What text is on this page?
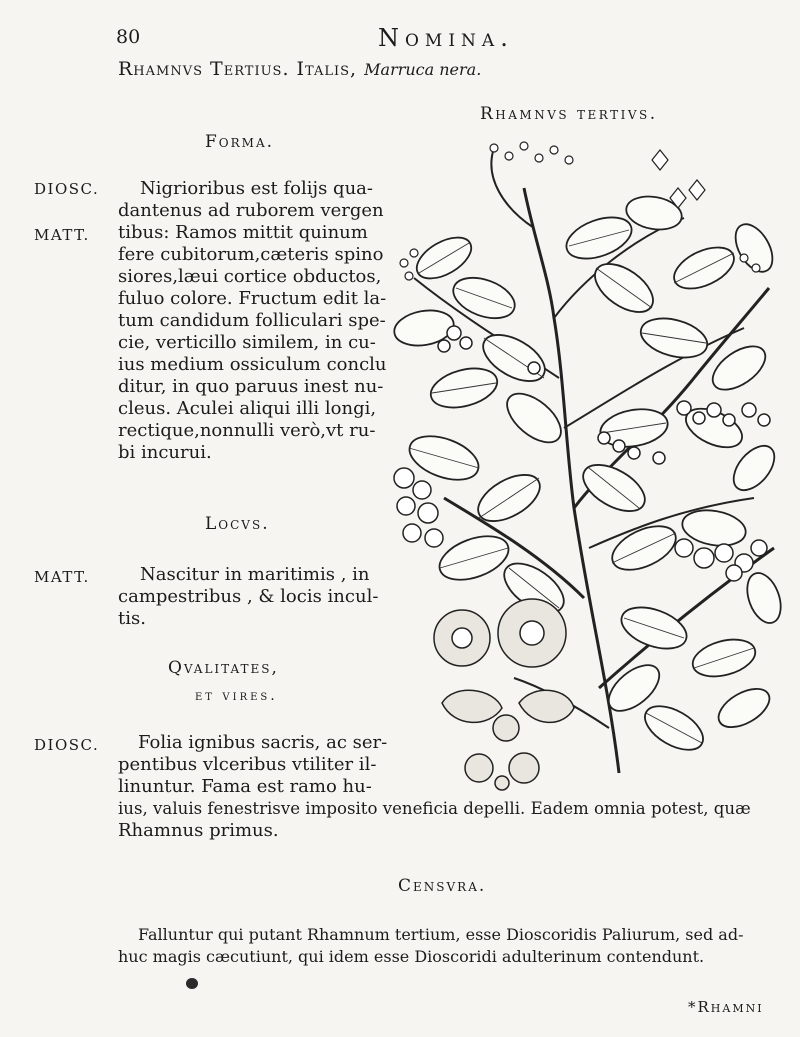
80	Nomina.
Rhamnvs Tertius. Italis, Marruca nera.
Rhamnvs tertivs.
Forma.
DIOSC.
MATT.
Nigrioribus est folijs qua-
dantenus ad ruborem vergen
tibus: Ramos mittit quinum
fere cubitorum,cæteris spino
siores,læui cortice obductos,
fuluo colore. Fructum edit la-
tum candidum folliculari spe-
cie, verticillo similem, in cu-
ius medium ossiculum conclu
ditur, in quo paruus inest nu-
cleus. Aculei aliqui illi longi,
rectique,nonnulli verò,vt ru-
bi incurui.
Locvs.
MATT.	Nascitur in maritimis , in
campestribus , & locis incul-
tis.
Qvalitates,
et vires.
DIOSC.	Folia ignibus sacris, ac ser-
pentibus vlceribus vtiliter il-
linuntur. Fama est ramo hu-
ius, valuis fenestrisve imposito veneficia depelli. Eadem omnia potest, quæ
Rhamnus primus.
Censvra.
Falluntur qui putant Rhamnum tertium, esse Dioscoridis Paliurum, sed ad-
huc magis cæcutiunt, qui idem esse Dioscoridi adulterinum contendunt.
*Rhamni
